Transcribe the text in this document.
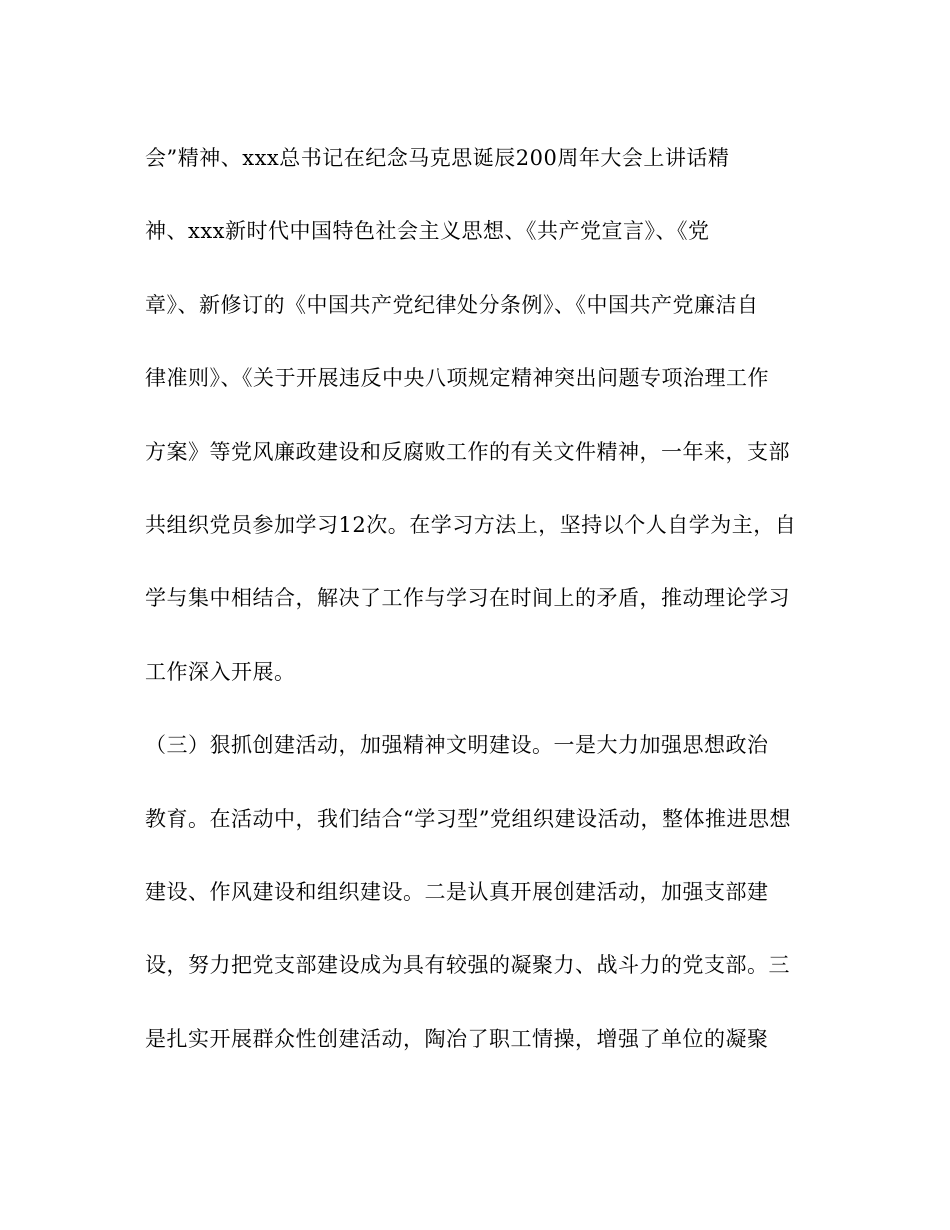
会”精神、xxx总书记在纪念马克思诞辰200周年大会上讲话精
神、xxx新时代中国特色社会主义思想、《共产党宣言》、《党
章》、新修订的《中国共产党纪律处分条例》、《中国共产党廉洁自
律准则》、《关于开展违反中央八项规定精神突出问题专项治理工作
方案》等党风廉政建设和反腐败工作的有关文件精神，一年来，支部
共组织党员参加学习12次。在学习方法上，坚持以个人自学为主，自
学与集中相结合，解决了工作与学习在时间上的矛盾，推动理论学习
工作深入开展。
（三）狠抓创建活动，加强精神文明建设。一是大力加强思想政治
教育。在活动中，我们结合“学习型”党组织建设活动，整体推进思想
建设、作风建设和组织建设。二是认真开展创建活动，加强支部建
设，努力把党支部建设成为具有较强的凝聚力、战斗力的党支部。三
是扎实开展群众性创建活动，陶冶了职工情操，增强了单位的凝聚
